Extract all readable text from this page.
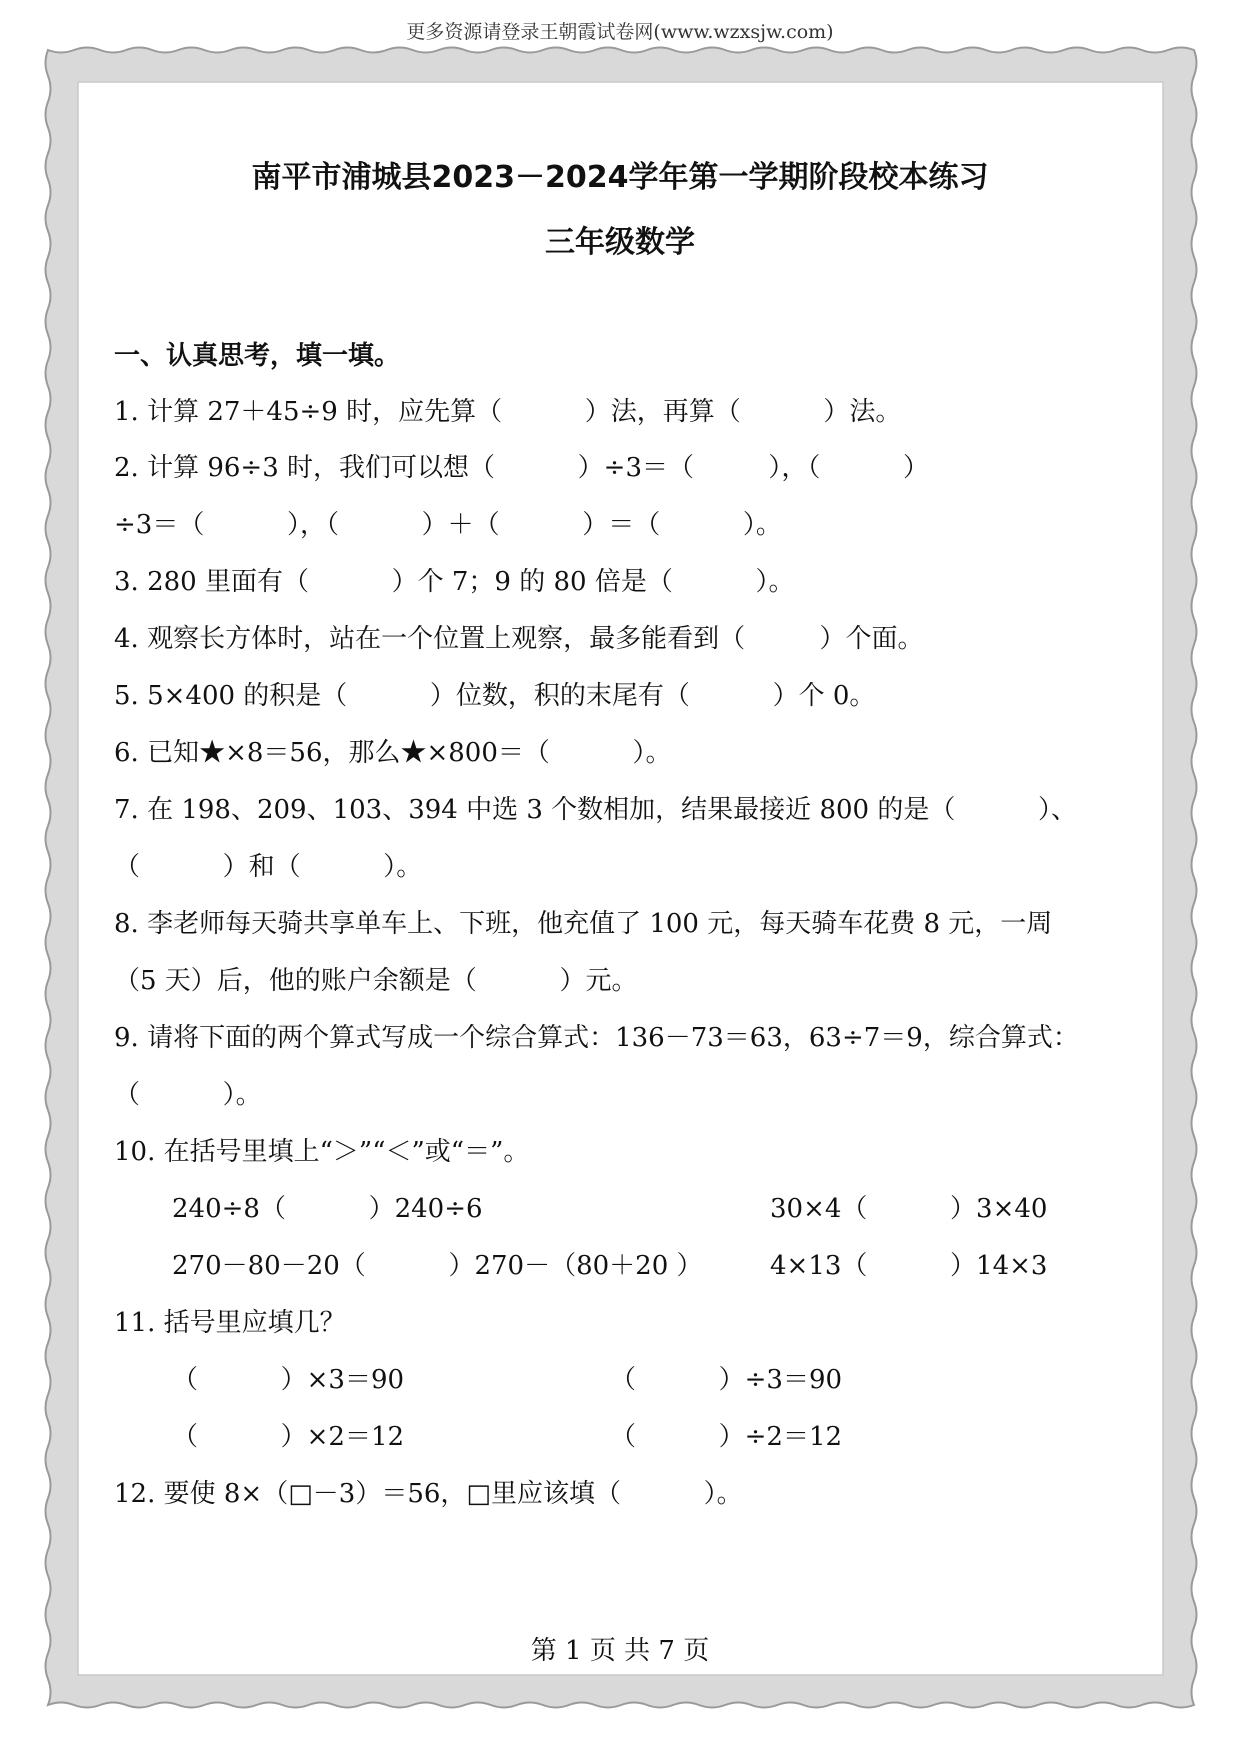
更多资源请登录王朝霞试卷网(www.wzxsjw.com)
南平市浦城县2023－2024学年第一学期阶段校本练习
三年级数学
一、认真思考，填一填。
1. 计算 27＋45÷9 时，应先算（          ）法，再算（          ）法。
2. 计算 96÷3 时，我们可以想（          ）÷3＝（         ），（          ）
÷3＝（          ），（          ）＋（          ）＝（          ）。
3. 280 里面有（          ）个 7；9 的 80 倍是（          ）。
4. 观察长方体时，站在一个位置上观察，最多能看到（         ）个面。
5. 5×400 的积是（          ）位数，积的末尾有（          ）个 0。
6. 已知★×8＝56，那么★×800＝（          ）。
7. 在 198、209、103、394 中选 3 个数相加，结果最接近 800 的是（          ）、
（          ）和（          ）。
8. 李老师每天骑共享单车上、下班，他充值了 100 元，每天骑车花费 8 元，一周
（5 天）后，他的账户余额是（          ）元。
9. 请将下面的两个算式写成一个综合算式：136－73＝63，63÷7＝9，综合算式：
（          ）。
10. 在括号里填上“＞”“＜”或“＝”。
240÷8（          ）240÷6	30×4（          ）3×40
270－80－20（          ）270－（80＋20 ）	4×13（          ）14×3
11. 括号里应填几？
（          ）×3＝90	（          ）÷3＝90
（          ）×2＝12	（          ）÷2＝12
12. 要使 8×（□－3）＝56，□里应该填（          ）。
第 1 页 共 7 页
